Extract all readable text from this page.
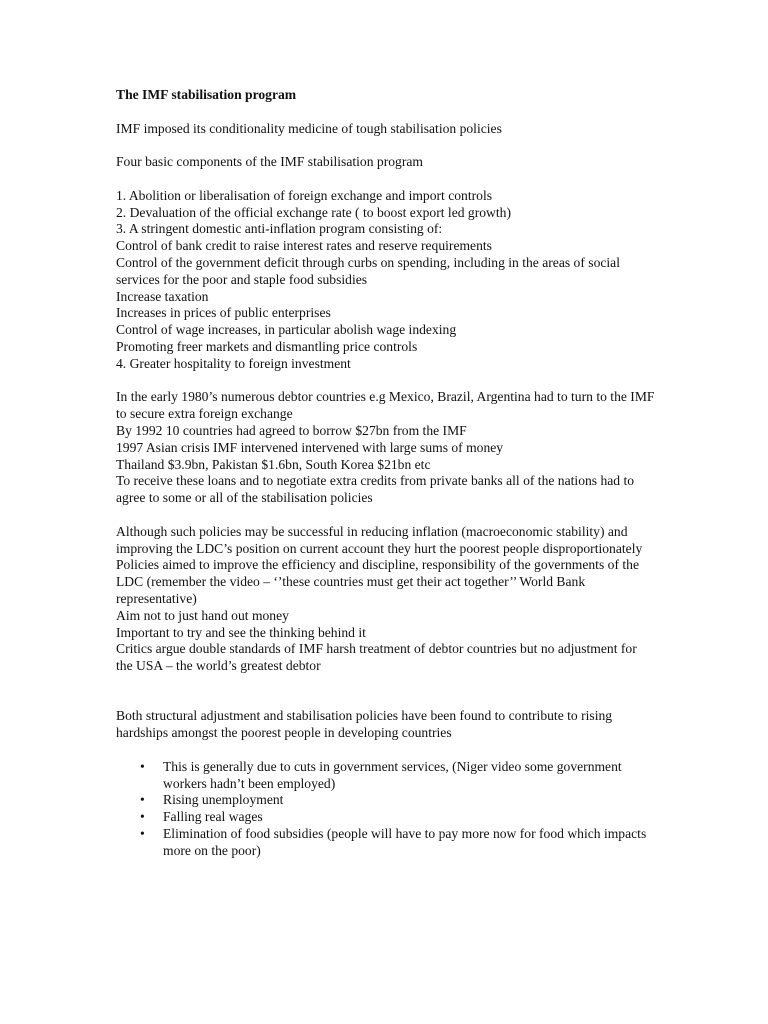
The IMF stabilisation program

IMF imposed its conditionality medicine of tough stabilisation policies

Four basic components of the IMF stabilisation program

1. Abolition or liberalisation of foreign exchange and import controls

2. Devaluation of the official exchange rate ( to boost export led growth)

3. A stringent domestic anti-inflation program consisting of:

Control of bank credit to raise interest rates and reserve requirements

Control of the government deficit through curbs on spending, including in the areas of social services for the poor and staple food subsidies

Increase taxation

Increases in prices of public enterprises

Control of wage increases, in particular abolish wage indexing

Promoting freer markets and dismantling price controls

4. Greater hospitality to foreign investment

In the early 1980’s numerous debtor countries e.g Mexico, Brazil, Argentina had to turn to the IMF to secure extra foreign exchange

By 1992 10 countries had agreed to borrow $27bn from the IMF

1997 Asian crisis IMF intervened intervened with large sums of money

Thailand $3.9bn, Pakistan $1.6bn, South Korea $21bn etc

To receive these loans and to negotiate extra credits from private banks all of the nations had to agree to some or all of the stabilisation policies

Although such policies may be successful in reducing inflation (macroeconomic stability) and improving the LDC’s position on current account they hurt the poorest people disproportionately

Policies aimed to improve the efficiency and discipline, responsibility of the governments of the LDC (remember the video – ‘’these countries must get their act together’’ World Bank representative)

Aim not to just hand out money

Important to try and see the thinking behind it

Critics argue double standards of IMF harsh treatment of debtor countries but no adjustment for the USA – the world’s greatest debtor

Both structural adjustment and stabilisation policies have been found to contribute to rising hardships amongst the poorest people in developing countries

• This is generally due to cuts in government services, (Niger video some government workers hadn’t been employed)
• Rising unemployment
• Falling real wages
• Elimination of food subsidies (people will have to pay more now for food which impacts more on the poor)
